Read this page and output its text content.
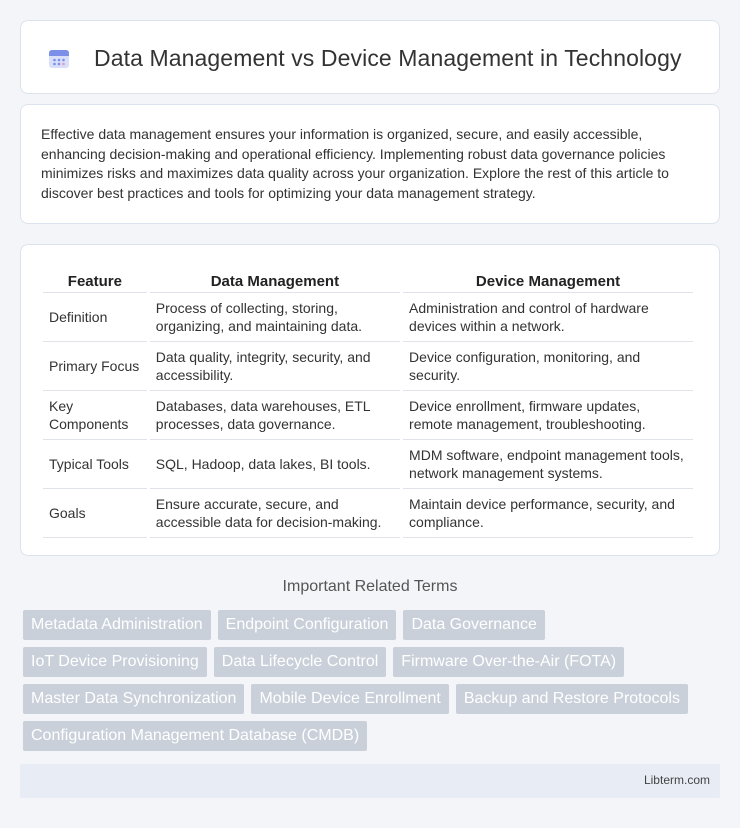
Data Management vs Device Management in Technology

Effective data management ensures your information is organized, secure, and easily accessible, enhancing decision-making and operational efficiency. Implementing robust data governance policies minimizes risks and maximizes data quality across your organization. Explore the rest of this article to discover best practices and tools for optimizing your data management strategy.

Feature	Data Management	Device Management
Definition	Process of collecting, storing, organizing, and maintaining data.	Administration and control of hardware devices within a network.
Primary Focus	Data quality, integrity, security, and accessibility.	Device configuration, monitoring, and security.
Key Components	Databases, data warehouses, ETL processes, data governance.	Device enrollment, firmware updates, remote management, troubleshooting.
Typical Tools	SQL, Hadoop, data lakes, BI tools.	MDM software, endpoint management tools, network management systems.
Goals	Ensure accurate, secure, and accessible data for decision-making.	Maintain device performance, security, and compliance.
Important Related Terms
Metadata Administration	Endpoint Configuration	Data Governance
IoT Device Provisioning	Data Lifecycle Control	Firmware Over-the-Air (FOTA)
Master Data Synchronization	Mobile Device Enrollment	Backup and Restore Protocols
Configuration Management Database (CMDB)
Libterm.com
